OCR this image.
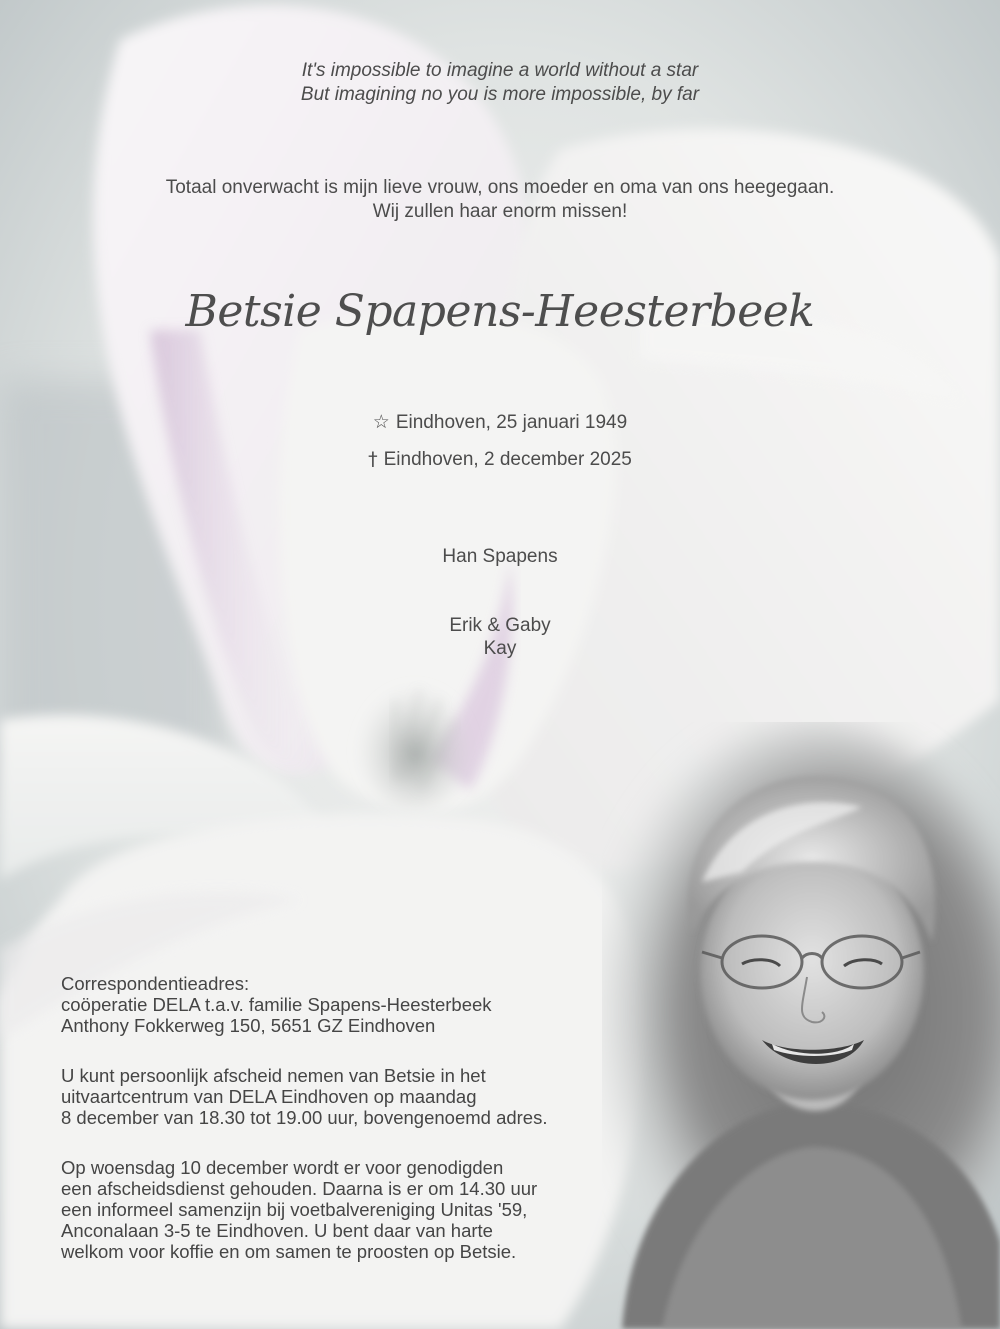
It's impossible to imagine a world without a star
But imagining no you is more impossible, by far
Totaal onverwacht is mijn lieve vrouw, ons moeder en oma van ons heegegaan.
Wij zullen haar enorm missen!
Betsie Spapens-Heesterbeek
☆ Eindhoven, 25 januari 1949
† Eindhoven, 2 december 2025
Han Spapens
Erik & Gaby
Kay
Correspondentieadres:
coöperatie DELA t.a.v. familie Spapens-Heesterbeek
Anthony Fokkerweg 150, 5651 GZ Eindhoven
U kunt persoonlijk afscheid nemen van Betsie in het
uitvaartcentrum van DELA Eindhoven op maandag
8 december van 18.30 tot 19.00 uur, bovengenoemd adres.
Op woensdag 10 december wordt er voor genodigden
een afscheidsdienst gehouden. Daarna is er om 14.30 uur
een informeel samenzijn bij voetbalvereniging Unitas '59,
Anconalaan 3-5 te Eindhoven. U bent daar van harte
welkom voor koffie en om samen te proosten op Betsie.
